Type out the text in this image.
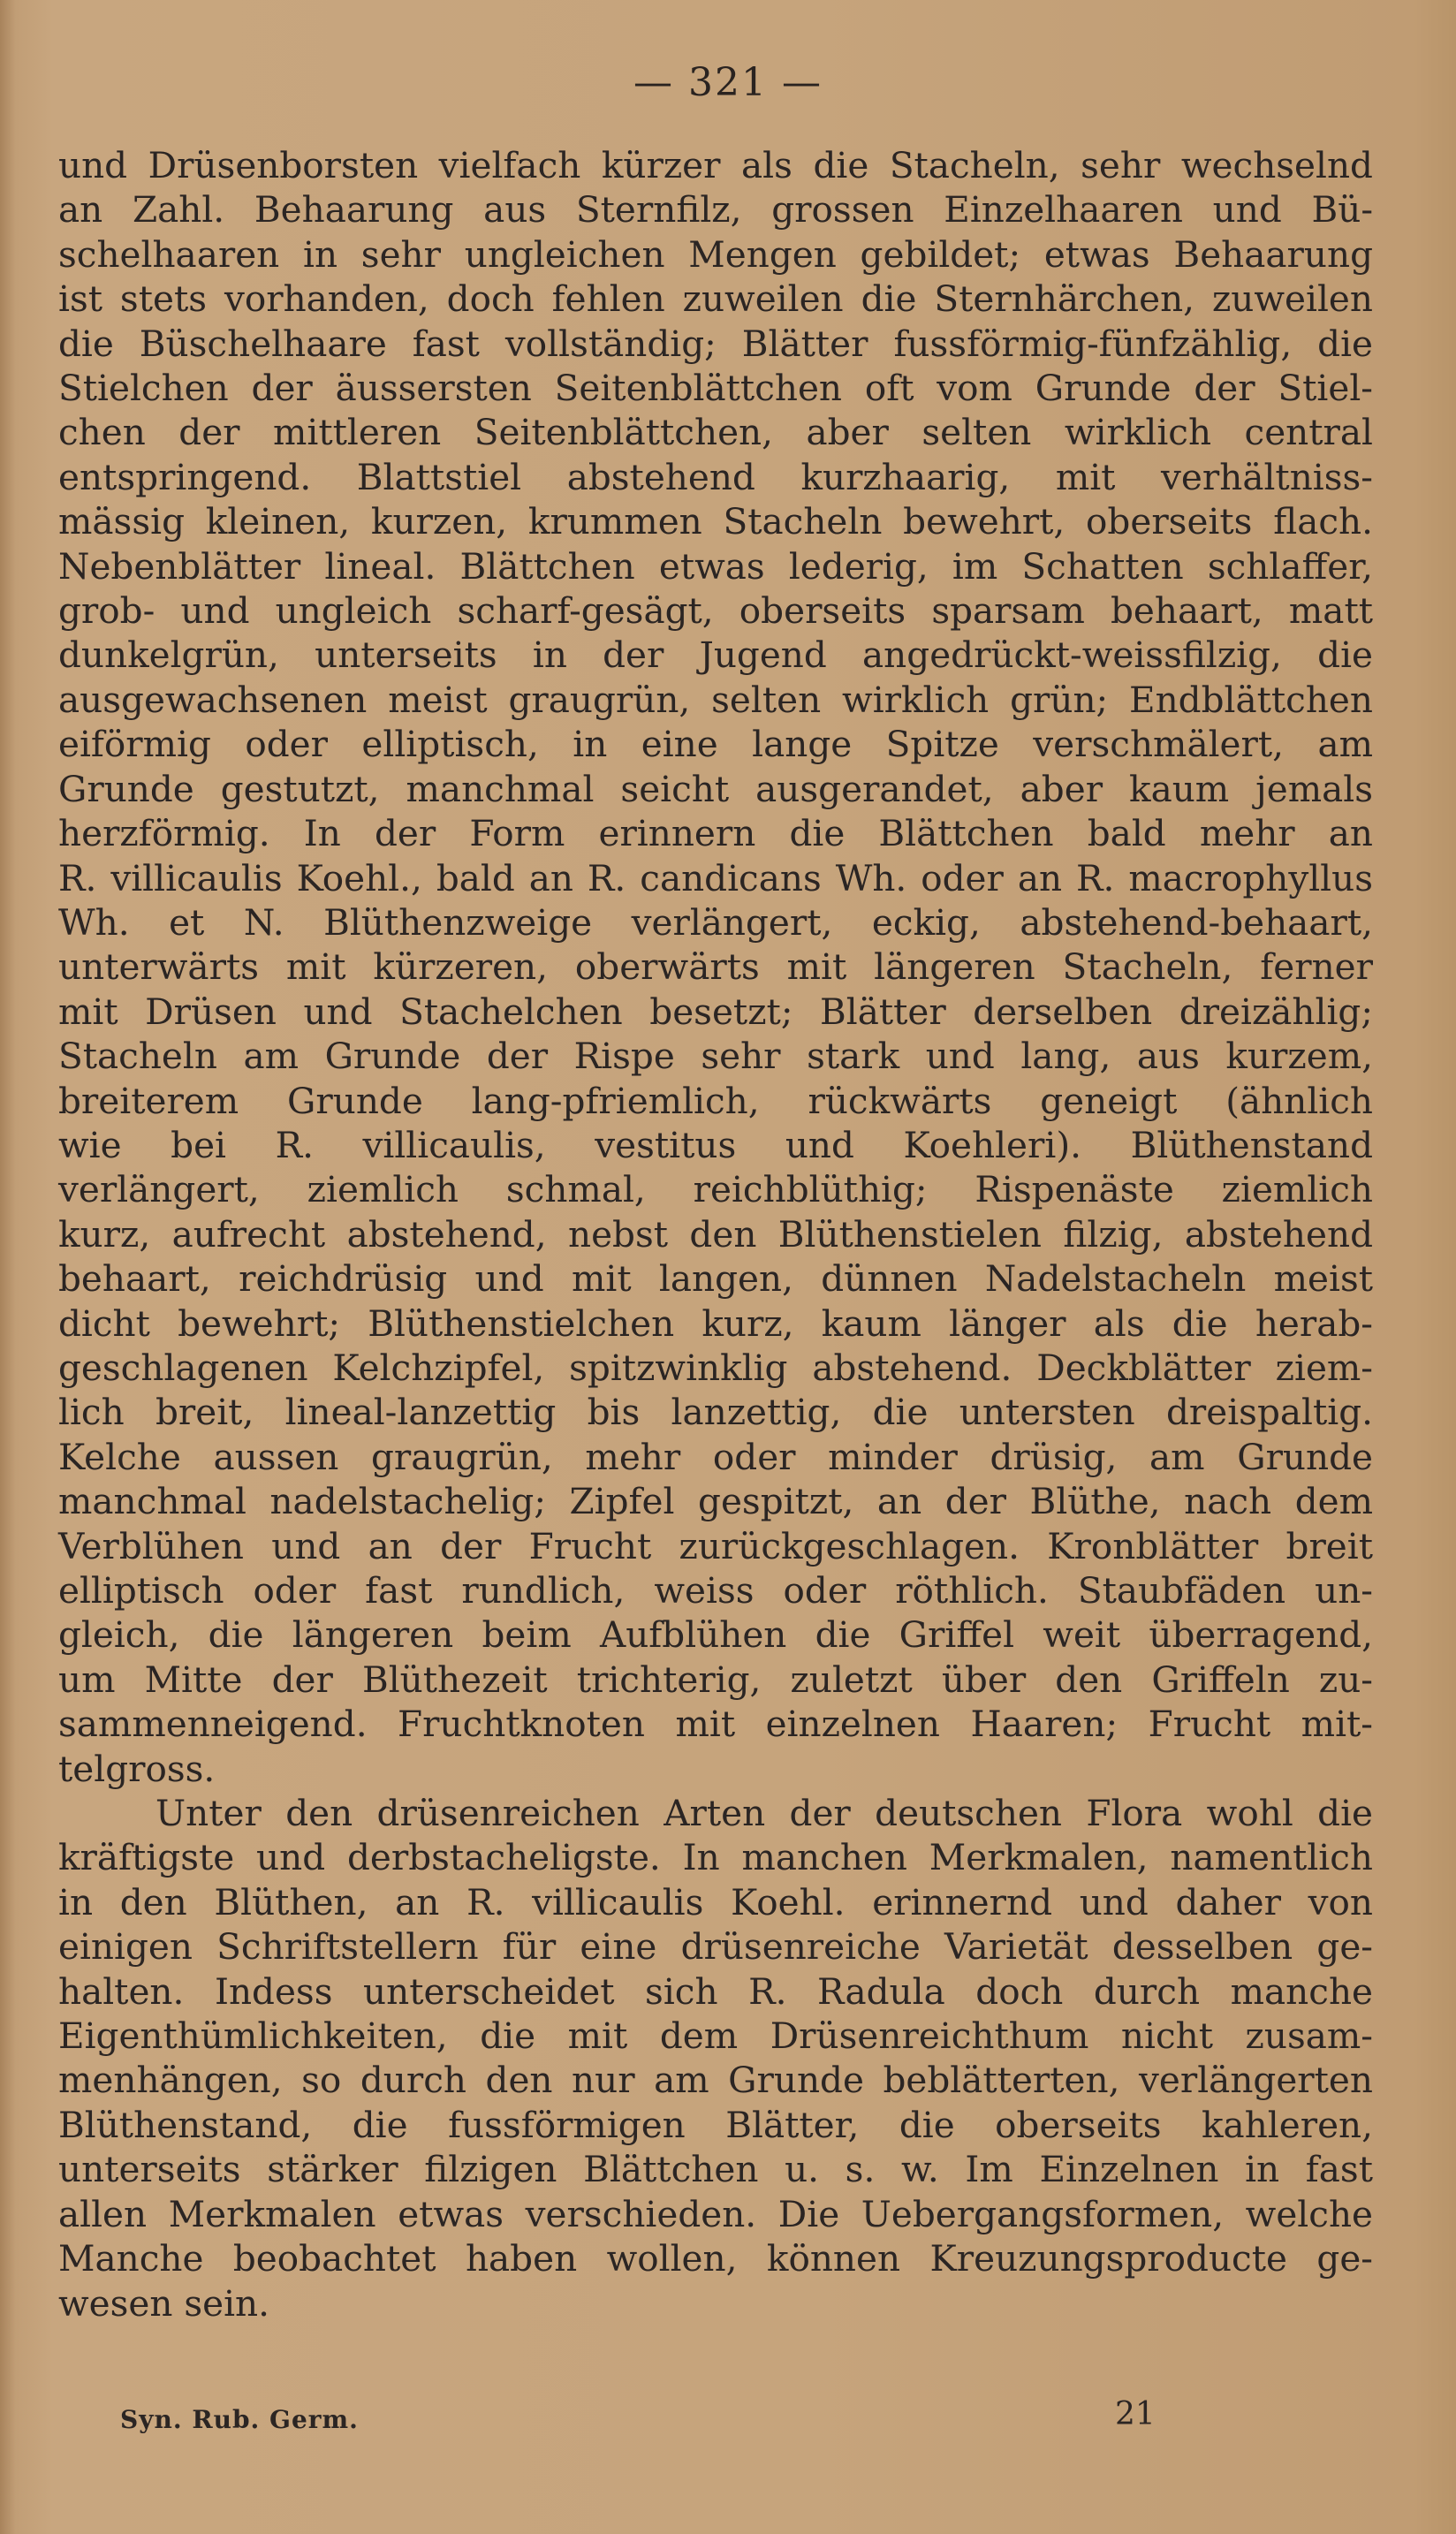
— 321 —

und Drüsenborsten vielfach kürzer als die Stacheln, sehr wechselnd
an Zahl. Behaarung aus Sternfilz, grossen Einzelhaaren und Bü-
schelhaaren in sehr ungleichen Mengen gebildet; etwas Behaarung
ist stets vorhanden, doch fehlen zuweilen die Sternhärchen, zuweilen
die Büschelhaare fast vollständig; Blätter fussförmig-fünfzählig, die
Stielchen der äussersten Seitenblättchen oft vom Grunde der Stiel-
chen der mittleren Seitenblättchen, aber selten wirklich central
entspringend. Blattstiel abstehend kurzhaarig, mit verhältniss-
mässig kleinen, kurzen, krummen Stacheln bewehrt, oberseits flach.
Nebenblätter lineal. Blättchen etwas lederig, im Schatten schlaffer,
grob- und ungleich scharf-gesägt, oberseits sparsam behaart, matt
dunkelgrün, unterseits in der Jugend angedrückt-weissfilzig, die
ausgewachsenen meist graugrün, selten wirklich grün; Endblättchen
eiförmig oder elliptisch, in eine lange Spitze verschmälert, am
Grunde gestutzt, manchmal seicht ausgerandet, aber kaum jemals
herzförmig. In der Form erinnern die Blättchen bald mehr an
R. villicaulis Koehl., bald an R. candicans Wh. oder an R. macrophyllus
Wh. et N. Blüthenzweige verlängert, eckig, abstehend-behaart,
unterwärts mit kürzeren, oberwärts mit längeren Stacheln, ferner
mit Drüsen und Stachelchen besetzt; Blätter derselben dreizählig;
Stacheln am Grunde der Rispe sehr stark und lang, aus kurzem,
breiterem Grunde lang-pfriemlich, rückwärts geneigt (ähnlich
wie bei R. villicaulis, vestitus und Koehleri). Blüthenstand
verlängert, ziemlich schmal, reichblüthig; Rispenäste ziemlich
kurz, aufrecht abstehend, nebst den Blüthenstielen filzig, abstehend
behaart, reichdrüsig und mit langen, dünnen Nadelstacheln meist
dicht bewehrt; Blüthenstielchen kurz, kaum länger als die herab-
geschlagenen Kelchzipfel, spitzwinklig abstehend. Deckblätter ziem-
lich breit, lineal-lanzettig bis lanzettig, die untersten dreispaltig.
Kelche aussen graugrün, mehr oder minder drüsig, am Grunde
manchmal nadelstachelig; Zipfel gespitzt, an der Blüthe, nach dem
Verblühen und an der Frucht zurückgeschlagen. Kronblätter breit
elliptisch oder fast rundlich, weiss oder röthlich. Staubfäden un-
gleich, die längeren beim Aufblühen die Griffel weit überragend,
um Mitte der Blüthezeit trichterig, zuletzt über den Griffeln zu-
sammenneigend. Fruchtknoten mit einzelnen Haaren; Frucht mit-
telgross.

Unter den drüsenreichen Arten der deutschen Flora wohl die
kräftigste und derbstacheligste. In manchen Merkmalen, namentlich
in den Blüthen, an R. villicaulis Koehl. erinnernd und daher von
einigen Schriftstellern für eine drüsenreiche Varietät desselben ge-
halten. Indess unterscheidet sich R. Radula doch durch manche
Eigenthümlichkeiten, die mit dem Drüsenreichthum nicht zusam-
menhängen, so durch den nur am Grunde beblätterten, verlängerten
Blüthenstand, die fussförmigen Blätter, die oberseits kahleren,
unterseits stärker filzigen Blättchen u. s. w. Im Einzelnen in fast
allen Merkmalen etwas verschieden. Die Uebergangsformen, welche
Manche beobachtet haben wollen, können Kreuzungsproducte ge-
wesen sein.

Syn. Rub. Germ.	21
